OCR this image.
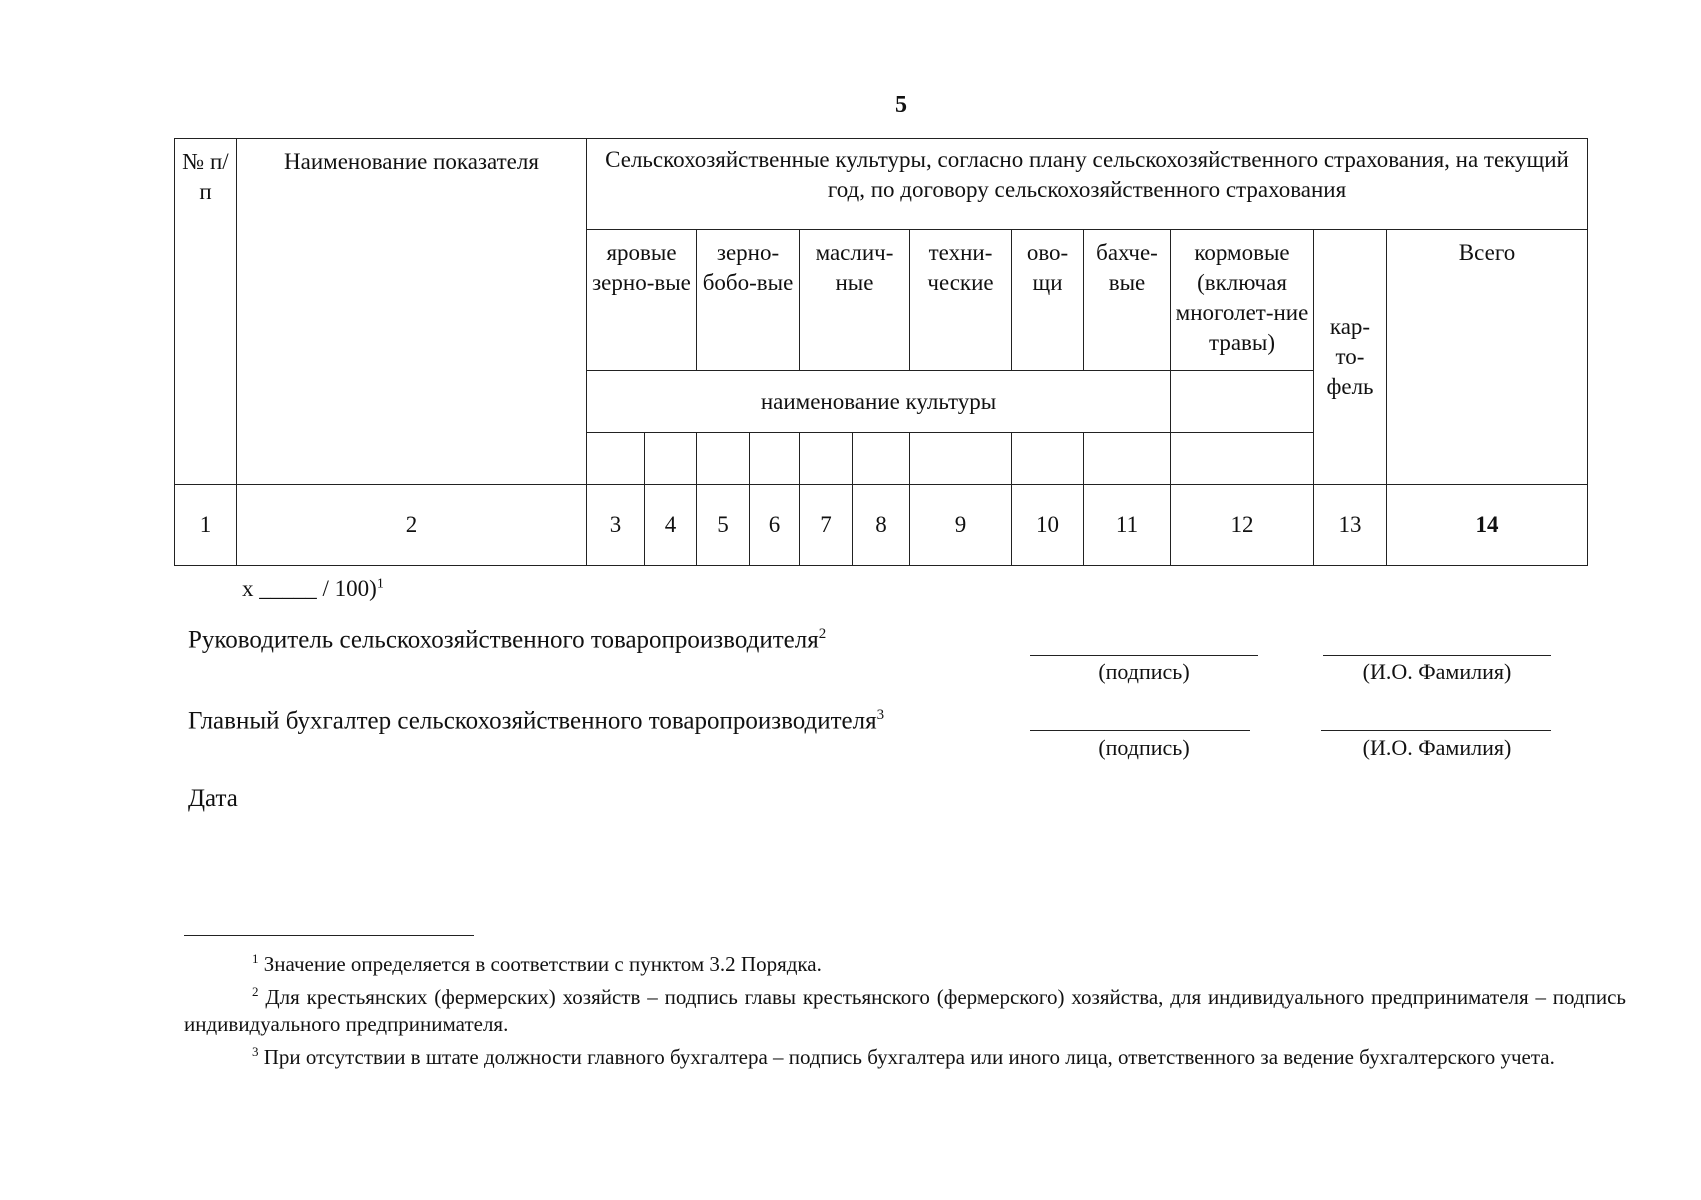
5
№ п/п	Наименование показателя	Сельскохозяйственные культуры, согласно плану сельскохозяйственного страхования, на текущий год, по договору сельскохозяйственного страхования											
		яровые зерно-вые		зерно-бобо-вые		маслич-ные		техни-ческие	ово-щи	бахче-вые	кормовые (включая многолет-ние травы)	кар-то-фель	Всего
		наименование культуры											

1	2	3	4	5	6	7	8	9	10	11	12	13	14
x _____ / 100)$^1$
Руководитель сельскохозяйственного товаропроизводителя$^2$
(подпись)	(И.О. Фамилия)
Главный бухгалтер сельскохозяйственного товаропроизводителя$^3$
(подпись)	(И.О. Фамилия)
Дата

$^1$ Значение определяется в соответствии с пунктом 3.2 Порядка.

$^2$ Для крестьянских (фермерских) хозяйств – подпись главы крестьянского (фермерского) хозяйства, для индивидуального предпринимателя – подпись индивидуального предпринимателя.

$^3$ При отсутствии в штате должности главного бухгалтера – подпись бухгалтера или иного лица, ответственного за ведение бухгалтерского учета.
